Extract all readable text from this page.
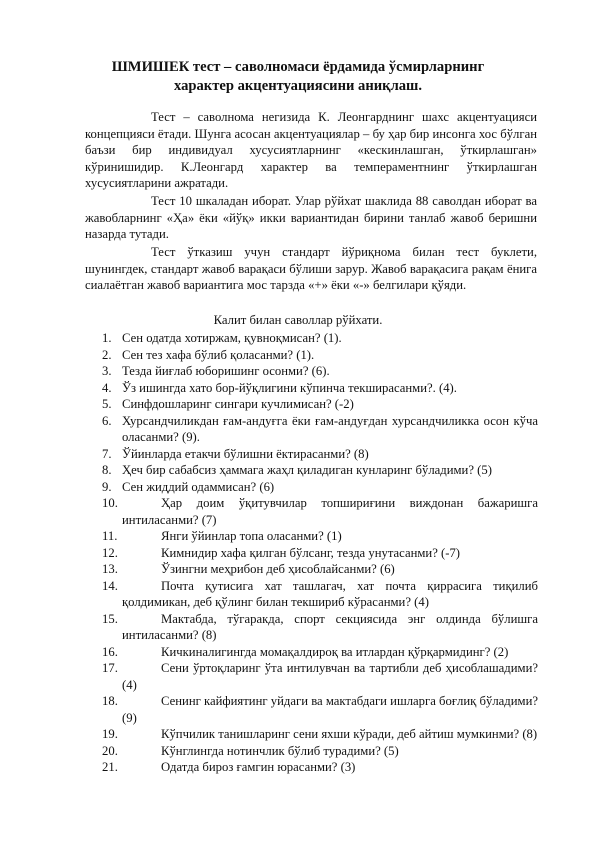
ШМИШЕК тест – саволномаси ёрдамида ўсмирларнинг
характер акцентуациясини аниқлаш.
Тест – саволнома негизида К. Леонгарднинг шахс акцентуацияси концепцияси ётади. Шунга асосан акцентуациялар – бу ҳар бир инсонга хос бўлган баъзи бир индивидуал хусусиятларнинг «кескинлашган, ўткирлашган» кўринишидир. К.Леонгард характер ва темпераментнинг ўткирлашган хусусиятларини ажратади.
Тест 10 шкаладан иборат. Улар рўйхат шаклида 88 саволдан иборат ва жавобларнинг «Ҳа» ёки «йўқ» икки вариантидан бирини танлаб жавоб беришни назарда тутади.
Тест ўтказиш учун стандарт йўриқнома билан тест буклети, шунингдек, стандарт жавоб варақаси бўлиши зарур. Жавоб варақасига рақам ёнига сиалаётган жавоб вариантига мос тарзда «+» ёки «-» белгилари қўяди.
Калит билан саволлар рўйхати.
1. Сен одатда хотиржам, қувноқмисан? (1).
2. Сен тез хафа бўлиб қоласанми? (1).
3. Тезда йиғлаб юборишинг осонми? (6).
4. Ўз ишингда хато бор-йўқлигини кўпинча текширасанми?. (4).
5. Синфдошларинг сингари кучлимисан? (-2)
6. Хурсандчиликдан ғам-андуғга ёки ғам-андуғдан хурсандчиликка осон кўча оласанми? (9).
7. Ўйинларда етакчи бўлишни ёктирасанми? (8)
8. Ҳеч бир сабабсиз ҳаммага жаҳл қиладиган кунларинг бўладими? (5)
9. Сен жиддий одаммисан? (6)
10.	Ҳар доим ўқитувчилар топшириғини виждонан бажаришга интиласанми? (7)
11.	Янги ўйинлар топа оласанми? (1)
12.	Кимнидир хафа қилган бўлсанг, тезда унутасанми? (-7)
13.	Ўзингни меҳрибон деб ҳисоблайсанми? (6)
14.	Почта қутисига хат ташлагач, хат почта қиррасига тиқилиб қолдимикан, деб қўлинг билан текшириб кўрасанми? (4)
15.	Мактабда, тўгаракда, спорт секциясида энг олдинда бўлишга интиласанми? (8)
16.	Кичкиналигингда момақалдироқ ва итлардан қўрқармидинг? (2)
17.	Сени ўртоқларинг ўта интилувчан ва тартибли деб ҳисоблашадими? (4)
18.	Сенинг кайфиятинг уйдаги ва мактабдаги ишларга боғлиқ бўладими? (9)
19.	Кўпчилик танишларинг сени яхши кўради, деб айтиш мумкинми? (8)
20.	Кўнглингда нотинчлик бўлиб турадими? (5)
21.	Одатда бироз ғамгин юрасанми? (3)
